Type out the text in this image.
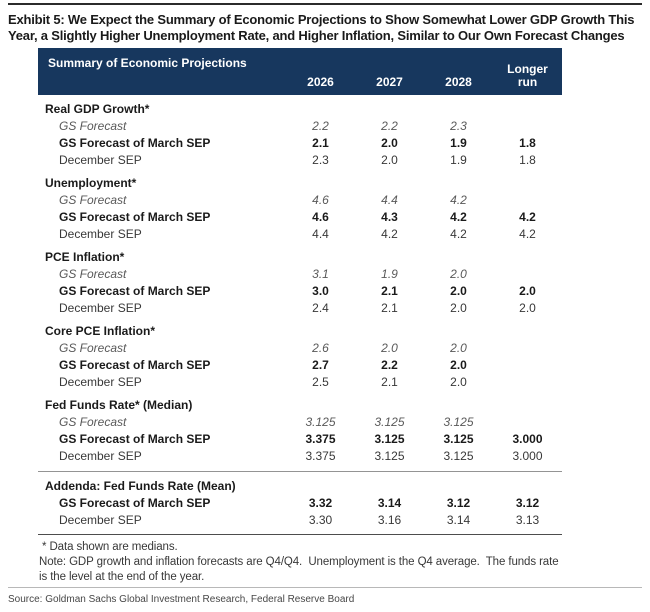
Exhibit 5: We Expect the Summary of Economic Projections to Show Somewhat Lower GDP Growth This Year, a Slightly Higher Unemployment Rate, and Higher Inflation, Similar to Our Own Forecast Changes
Summary of Economic Projections
2026	2027	2028
Longer run
Real GDP Growth*
GS Forecast	2.2	2.2	2.3
GS Forecast of March SEP	2.1	2.0	1.9	1.8
December SEP	2.3	2.0	1.9	1.8
Unemployment*
GS Forecast	4.6	4.4	4.2
GS Forecast of March SEP	4.6	4.3	4.2	4.2
December SEP	4.4	4.2	4.2	4.2
PCE Inflation*
GS Forecast	3.1	1.9	2.0
GS Forecast of March SEP	3.0	2.1	2.0	2.0
December SEP	2.4	2.1	2.0	2.0
Core PCE Inflation*
GS Forecast	2.6	2.0	2.0
GS Forecast of March SEP	2.7	2.2	2.0
December SEP	2.5	2.1	2.0
Fed Funds Rate* (Median)
GS Forecast	3.125	3.125	3.125
GS Forecast of March SEP	3.375	3.125	3.125	3.000
December SEP	3.375	3.125	3.125	3.000
Addenda: Fed Funds Rate (Mean)
GS Forecast of March SEP	3.32	3.14	3.12	3.12
December SEP	3.30	3.16	3.14	3.13
* Data shown are medians.
Note: GDP growth and inflation forecasts are Q4/Q4.  Unemployment is the Q4 average.  The funds rate is the level at the end of the year.
Source: Goldman Sachs Global Investment Research, Federal Reserve Board
